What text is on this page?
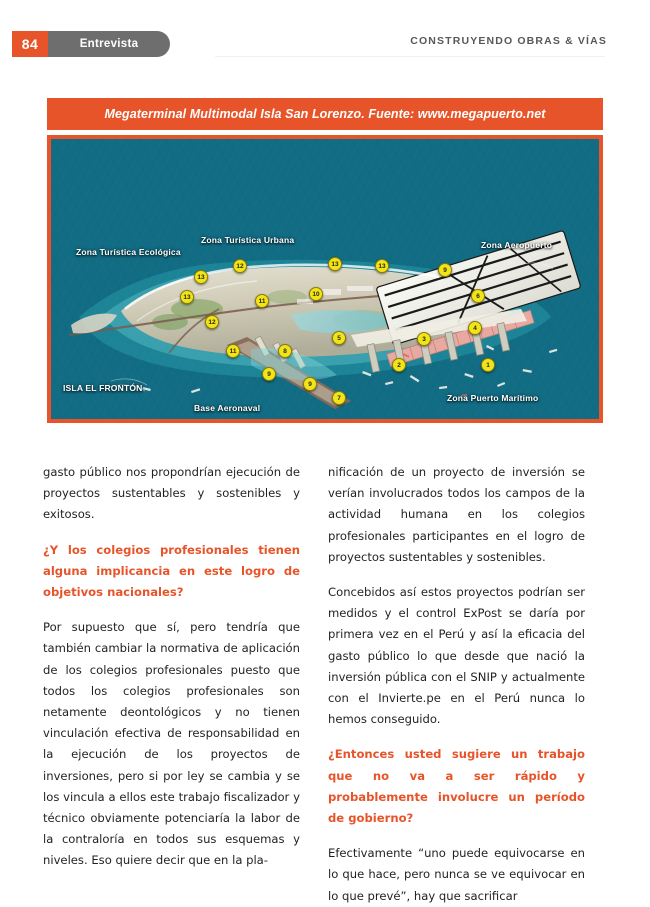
84	Entrevista	CONSTRUYENDO OBRAS & VÍAS
Megaterminal Multimodal Isla San Lorenzo. Fuente: www.megapuerto.net
Zona Turística Ecológica
Zona Turística Urbana	Zona Aeropuerto
ISLA EL FRONTÓN
Base Aeronaval
Zona Puerto Marítimo
13
12	13	13
9
6
13
11
10
12
11	8
5
4
9
9
7
2	1
3

gasto público nos propondrían ejecución de proyectos sustentables y sostenibles y exitosos.

¿Y los colegios profesionales tienen alguna implicancia en este logro de objetivos nacionales?

Por supuesto que sí, pero tendría que también cambiar la normativa de aplicación de los colegios profesionales puesto que todos los colegios profesionales son netamente deontológicos y no tienen vinculación efectiva de responsabilidad en la ejecución de los proyectos de inversiones, pero si por ley se cambia y se los vincula a ellos este trabajo fiscalizador y técnico obviamente potenciaría la labor de la contraloría en todos sus esquemas y niveles. Eso quiere decir que en la pla-

nificación de un proyecto de inversión se verían involucrados todos los campos de la actividad humana en los colegios profesionales participantes en el logro de proyectos sustentables y sostenibles.

Concebidos así estos proyectos podrían ser medidos y el control ExPost se daría por primera vez en el Perú y así la eficacia del gasto público lo que desde que nació la inversión pública con el SNIP y actualmente con el Invierte.pe en el Perú nunca lo hemos conseguido.

¿Entonces usted sugiere un trabajo que no va a ser rápido y probablemente involucre un período de gobierno?

Efectivamente “uno puede equivocarse en lo que hace, pero nunca se ve equivocar en lo que prevé”, hay que sacrificar
